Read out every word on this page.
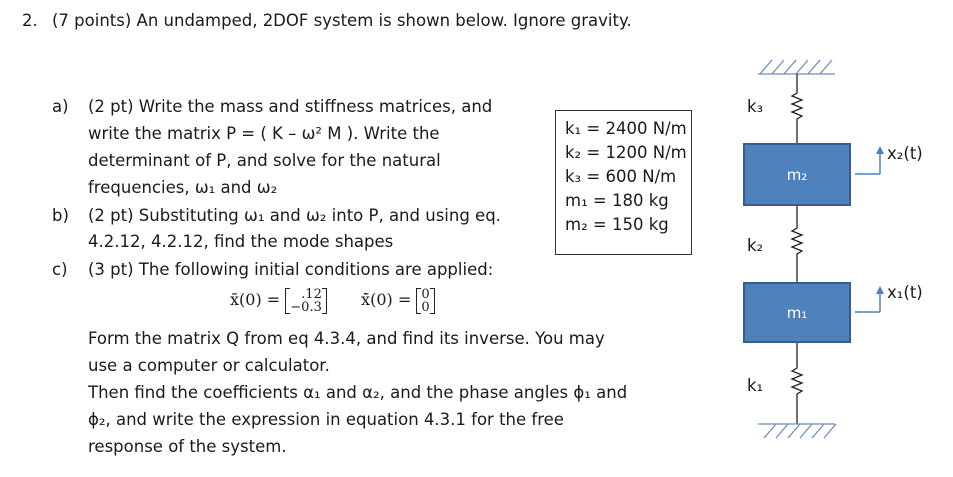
2. (7 points) An undamped, 2DOF system is shown below. Ignore gravity.
a) (2 pt) Write the mass and stiffness matrices, and
write the matrix P = ( K – ω² M ). Write the
determinant of P, and solve for the natural
frequencies, ω₁ and ω₂
b) (2 pt) Substituting ω₁ and ω₂ into P, and using eq.
4.2.12, 4.2.12, find the mode shapes
c) (3 pt) The following initial conditions are applied:
x̄(0) =	.12
−0.3 ẋ̄(0) = 0
0
Form the matrix Q from eq 4.3.4, and find its inverse. You may
use a computer or calculator.
Then find the coefficients α₁ and α₂, and the phase angles ϕ₁ and
ϕ₂, and write the expression in equation 4.3.1 for the free
response of the system.
k₁ = 2400 N/m
k₂ = 1200 N/m
k₃ = 600 N/m
m₁ = 180 kg
m₂ = 150 kg
m₂
m₁
k₃
k₂
k₁
x₂(t)
x₁(t)
